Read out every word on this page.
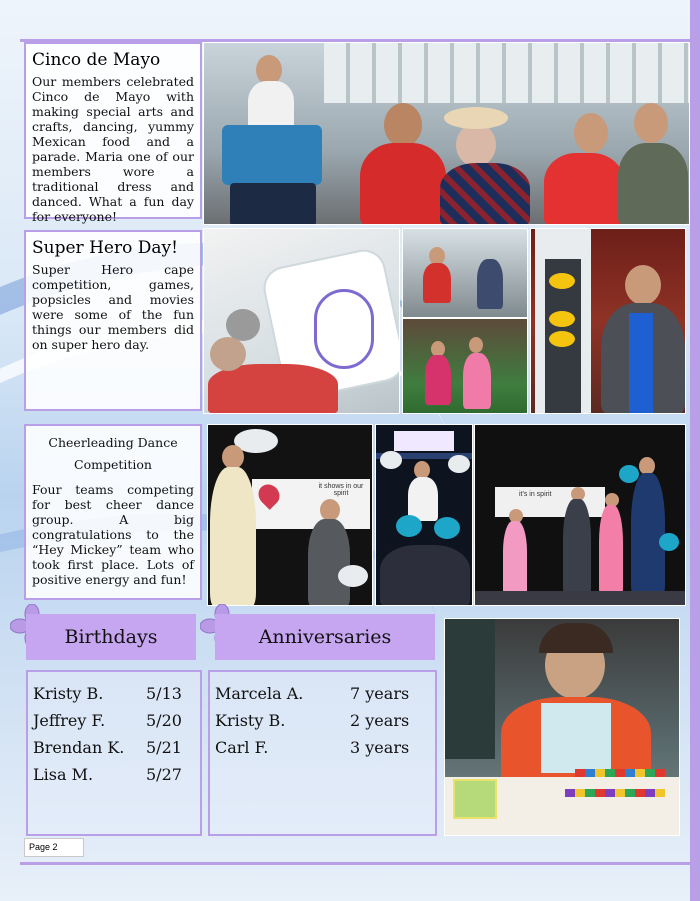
Cinco de Mayo

Our members celebrated Cinco de Mayo with making special arts and crafts, dancing, yummy Mexican food and a parade. Maria one of our members wore a traditional dress and danced. What a fun day for everyone!

Super Hero Day!

Super Hero cape competition, games, popsicles and movies were some of the fun things our members did on super hero day.

Cheerleading Dance
Competition

Four teams competing for best cheer dance group. A big congratulations to the “Hey Mickey” team who took first place. Lots of positive energy and fun!

it shows in our spirit	it's in spirit
Birthdays	Anniversaries
Kristy B.	5/13
Jeffrey F.	5/20
Brendan K.	5/21
Lisa M.	5/27
Marcela A.	7 years
Kristy B.	2 years
Carl F.	3 years
Page 2
